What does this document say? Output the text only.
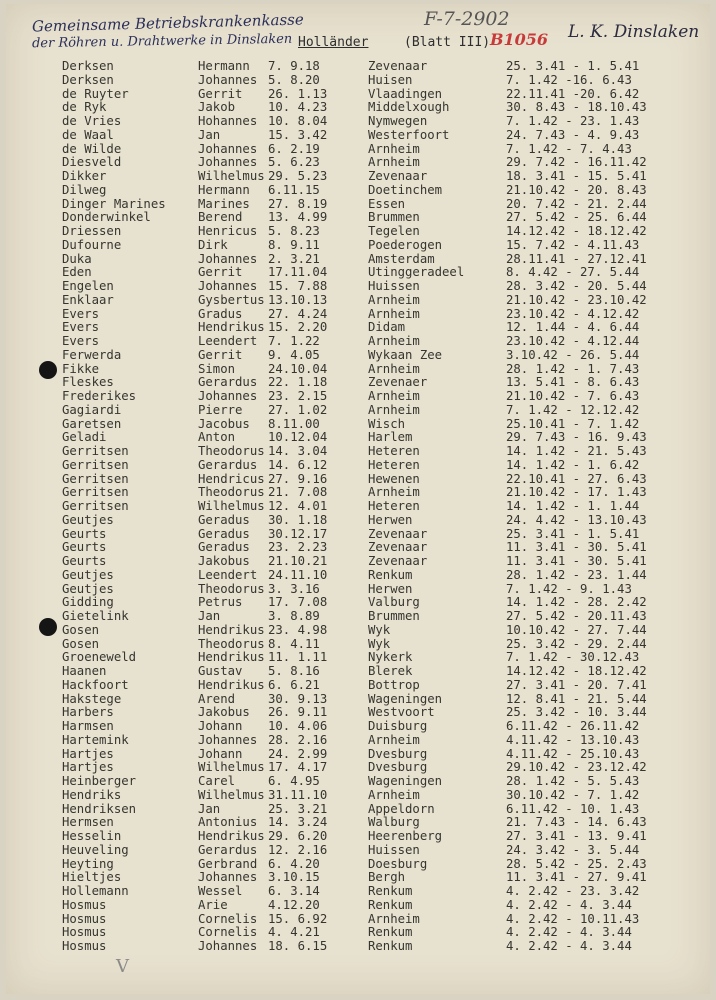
Gemeinsame Betriebskrankenkasse
der Röhren u. Drahtwerke in Dinslaken
F-7-2902
L. K. Dinslaken
B1056
Holländer	(Blatt III)
Derksen	Hermann 7. 9.18	Zevenaar	25. 3.41 - 1. 5.41
Derksen	Johannes 5. 8.20	Huisen	7. 1.42 -16. 6.43
de Ruyter	Gerrit 26. 1.13	Vlaadingen	22.11.41 -20. 6.42
de Ryk	Jakob	10. 4.23	Middelxough	30. 8.43 - 18.10.43
de Vries	Hohannes 10. 8.04	Nymwegen	7. 1.42 - 23. 1.43
de Waal	Jan	15. 3.42	Westerfoort	24. 7.43 - 4. 9.43
de Wilde	Johannes 6. 2.19	Arnheim	7. 1.42 - 7. 4.43
Diesveld	Johannes 5. 6.23	Arnheim	29. 7.42 - 16.11.42
Dikker	Wilhelmus 29. 5.23	Zevenaar	18. 3.41 - 15. 5.41
Dilweg	Hermann 6.11.15	Doetinchem	21.10.42 - 20. 8.43
Dinger Marines	Marines 27. 8.19	Essen	20. 7.42 - 21. 2.44
Donderwinkel	Berend 13. 4.99	Brummen	27. 5.42 - 25. 6.44
Driessen	Henricus 5. 8.23	Tegelen	14.12.42 - 18.12.42
Dufourne	Dirk	8. 9.11	Poederogen	15. 7.42 - 4.11.43
Duka	Johannes 2. 3.21	Amsterdam	28.11.41 - 27.12.41
Eden	Gerrit 17.11.04	Utinggeradeel	8. 4.42 - 27. 5.44
Engelen	Johannes 15. 7.88	Huissen	28. 3.42 - 20. 5.44
Enklaar	Gysbertus 13.10.13	Arnheim	21.10.42 - 23.10.42
Evers	Gradus 27. 4.24	Arnheim	23.10.42 - 4.12.42
Evers	Hendrikus 15. 2.20	Didam	12. 1.44 - 4. 6.44
Evers	Leendert 7. 1.22	Arnheim	23.10.42 - 4.12.44
Ferwerda	Gerrit 9. 4.05	Wykaan Zee	3.10.42 - 26. 5.44
Fikke	Simon	24.10.04	Arnheim	28. 1.42 - 1. 7.43
Fleskes	Gerardus 22. 1.18	Zevenaer	13. 5.41 - 8. 6.43
Frederikes	Johannes 23. 2.15	Arnheim	21.10.42 - 7. 6.43
Gagiardi	Pierre 27. 1.02	Arnheim	7. 1.42 - 12.12.42
Garetsen	Jacobus 8.11.00	Wisch	25.10.41 - 7. 1.42
Geladi	Anton	10.12.04	Harlem	29. 7.43 - 16. 9.43
Gerritsen	Theodorus 14. 3.04	Heteren	14. 1.42 - 21. 5.43
Gerritsen	Gerardus 14. 6.12	Heteren	14. 1.42 - 1. 6.42
Gerritsen	Hendricus 27. 9.16	Hewenen	22.10.41 - 27. 6.43
Gerritsen	Theodorus 21. 7.08	Arnheim	21.10.42 - 17. 1.43
Gerritsen	Wilhelmus 12. 4.01	Heteren	14. 1.42 - 1. 1.44
Geutjes	Geradus 30. 1.18	Herwen	24. 4.42 - 13.10.43
Geurts	Geradus 30.12.17	Zevenaar	25. 3.41 - 1. 5.41
Geurts	Geradus 23. 2.23	Zevenaar	11. 3.41 - 30. 5.41
Geurts	Jakobus 21.10.21	Zevenaar	11. 3.41 - 30. 5.41
Geutjes	Leendert 24.11.10	Renkum	28. 1.42 - 23. 1.44
Geutjes	Theodorus 3. 3.16	Herwen	7. 1.42 - 9. 1.43
Gidding	Petrus 17. 7.08	Valburg	14. 1.42 - 28. 2.42
Gietelink	Jan	3. 8.89	Brummen	27. 5.42 - 20.11.43
Gosen	Hendrikus 23. 4.98	Wyk	10.10.42 - 27. 7.44
Gosen	Theodorus 8. 4.11	Wyk	25. 3.42 - 29. 2.44
Groeneweld	Hendrikus 11. 1.11	Nykerk	7. 1.42 - 30.12.43
Haanen	Gustav 5. 8.16	Blerek	14.12.42 - 18.12.42
Hackfoort	Hendrikus 6. 6.21	Bottrop	27. 3.41 - 20. 7.41
Hakstege	Arend	30. 9.13	Wageningen	12. 8.41 - 21. 5.44
Harbers	Jakobus 26. 9.11	Westvoort	25. 3.42 - 10. 3.44
Harmsen	Johann 10. 4.06	Duisburg	6.11.42 - 26.11.42
Hartemink	Johannes 28. 2.16	Arnheim	4.11.42 - 13.10.43
Hartjes	Johann 24. 2.99	Dvesburg	4.11.42 - 25.10.43
Hartjes	Wilhelmus 17. 4.17	Dvesburg	29.10.42 - 23.12.42
Heinberger	Carel	6. 4.95	Wageningen	28. 1.42 - 5. 5.43
Hendriks	Wilhelmus 31.11.10	Arnheim	30.10.42 - 7. 1.42
Hendriksen	Jan	25. 3.21	Appeldorn	6.11.42 - 10. 1.43
Hermsen	Antonius 14. 3.24	Walburg	21. 7.43 - 14. 6.43
Hesselin	Hendrikus 29. 6.20	Heerenberg	27. 3.41 - 13. 9.41
Heuveling	Gerardus 12. 2.16	Huissen	24. 3.42 - 3. 5.44
Heyting	Gerbrand 6. 4.20	Doesburg	28. 5.42 - 25. 2.43
Hieltjes	Johannes 3.10.15	Bergh	11. 3.41 - 27. 9.41
Hollemann	Wessel 6. 3.14	Renkum	4. 2.42 - 23. 3.42
Hosmus	Arie	4.12.20	Renkum	4. 2.42 - 4. 3.44
Hosmus	Cornelis 15. 6.92	Arnheim	4. 2.42 - 10.11.43
Hosmus	Cornelis 4. 4.21	Renkum	4. 2.42 - 4. 3.44
Hosmus	Johannes 18. 6.15	Renkum	4. 2.42 - 4. 3.44
V
